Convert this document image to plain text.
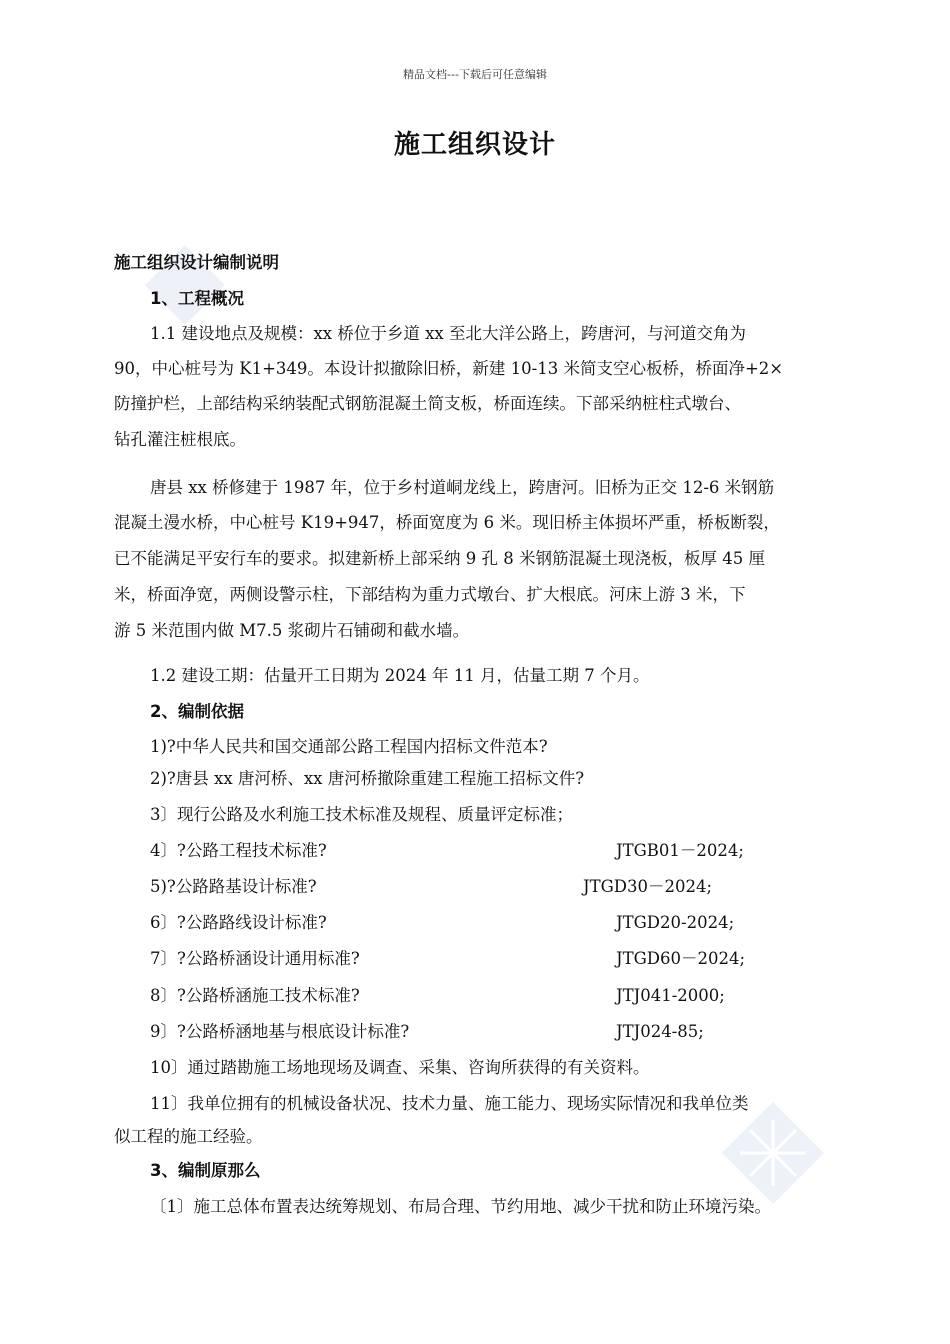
精品文档---下载后可任意编辑
施工组织设计
施工组织设计编制说明
1、工程概况
1.1 建设地点及规模：xx 桥位于乡道 xx 至北大洋公路上，跨唐河，与河道交角为
90，中心桩号为 K1+349。本设计拟撤除旧桥，新建 10-13 米简支空心板桥，桥面净+2×
防撞护栏，上部结构采纳装配式钢筋混凝土简支板，桥面连续。下部采纳桩柱式墩台、
钻孔灌注桩根底。
唐县 xx 桥修建于 1987 年，位于乡村道峒龙线上，跨唐河。旧桥为正交 12-6 米钢筋
混凝土漫水桥，中心桩号 K19+947，桥面宽度为 6 米。现旧桥主体损坏严重，桥板断裂，
已不能满足平安行车的要求。拟建新桥上部采纳 9 孔 8 米钢筋混凝土现浇板，板厚 45 厘
米，桥面净宽，两侧设警示柱，下部结构为重力式墩台、扩大根底。河床上游 3 米，下
游 5 米范围内做 M7.5 浆砌片石铺砌和截水墙。
1.2 建设工期：估量开工日期为 2024 年 11 月，估量工期 7 个月。
2、编制依据
1)?中华人民共和国交通部公路工程国内招标文件范本?
2)?唐县 xx 唐河桥、xx 唐河桥撤除重建工程施工招标文件?
3〕现行公路及水利施工技术标准及规程、质量评定标准；
4〕?公路工程技术标准?	JTGB01－2024;
5)?公路路基设计标准?	JTGD30－2024;
6〕?公路路线设计标准?	JTGD20-2024;
7〕?公路桥涵设计通用标准?	JTGD60－2024;
8〕?公路桥涵施工技术标准?	JTJ041-2000;
9〕?公路桥涵地基与根底设计标准?	JTJ024-85;
10〕通过踏勘施工场地现场及调查、采集、咨询所获得的有关资料。
11〕我单位拥有的机械设备状况、技术力量、施工能力、现场实际情况和我单位类
似工程的施工经验。
3、编制原那么
〔1〕施工总体布置表达统筹规划、布局合理、节约用地、减少干扰和防止环境污染。
